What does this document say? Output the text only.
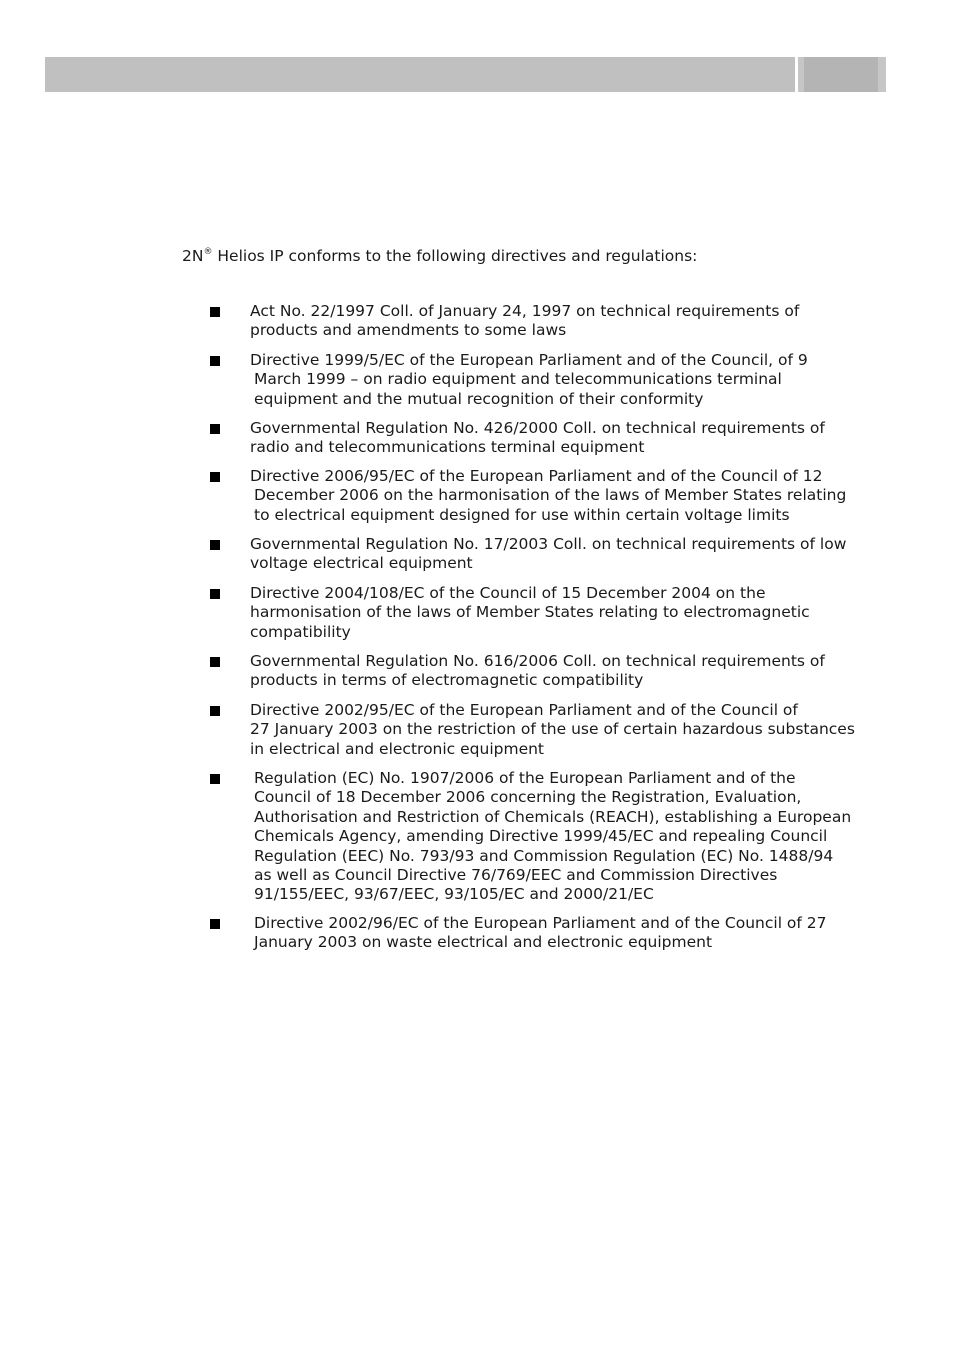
2N® Helios IP conforms to the following directives and regulations:
Act No. 22/1997 Coll. of January 24, 1997 on technical requirements of
products and amendments to some laws
Directive 1999/5/EC of the European Parliament and of the Council, of 9
March 1999 – on radio equipment and telecommunications terminal
equipment and the mutual recognition of their conformity
Governmental Regulation No. 426/2000 Coll. on technical requirements of
radio and telecommunications terminal equipment
Directive 2006/95/EC of the European Parliament and of the Council of 12
December 2006 on the harmonisation of the laws of Member States relating
to electrical equipment designed for use within certain voltage limits
Governmental Regulation No. 17/2003 Coll. on technical requirements of low
voltage electrical equipment
Directive 2004/108/EC of the Council of 15 December 2004 on the
harmonisation of the laws of Member States relating to electromagnetic
compatibility
Governmental Regulation No. 616/2006 Coll. on technical requirements of
products in terms of electromagnetic compatibility
Directive 2002/95/EC of the European Parliament and of the Council of
27 January 2003 on the restriction of the use of certain hazardous substances
in electrical and electronic equipment
Regulation (EC) No. 1907/2006 of the European Parliament and of the
Council of 18 December 2006 concerning the Registration, Evaluation,
Authorisation and Restriction of Chemicals (REACH), establishing a European
Chemicals Agency, amending Directive 1999/45/EC and repealing Council
Regulation (EEC) No. 793/93 and Commission Regulation (EC) No. 1488/94
as well as Council Directive 76/769/EEC and Commission Directives
91/155/EEC, 93/67/EEC, 93/105/EC and 2000/21/EC
Directive 2002/96/EC of the European Parliament and of the Council of 27
January 2003 on waste electrical and electronic equipment
